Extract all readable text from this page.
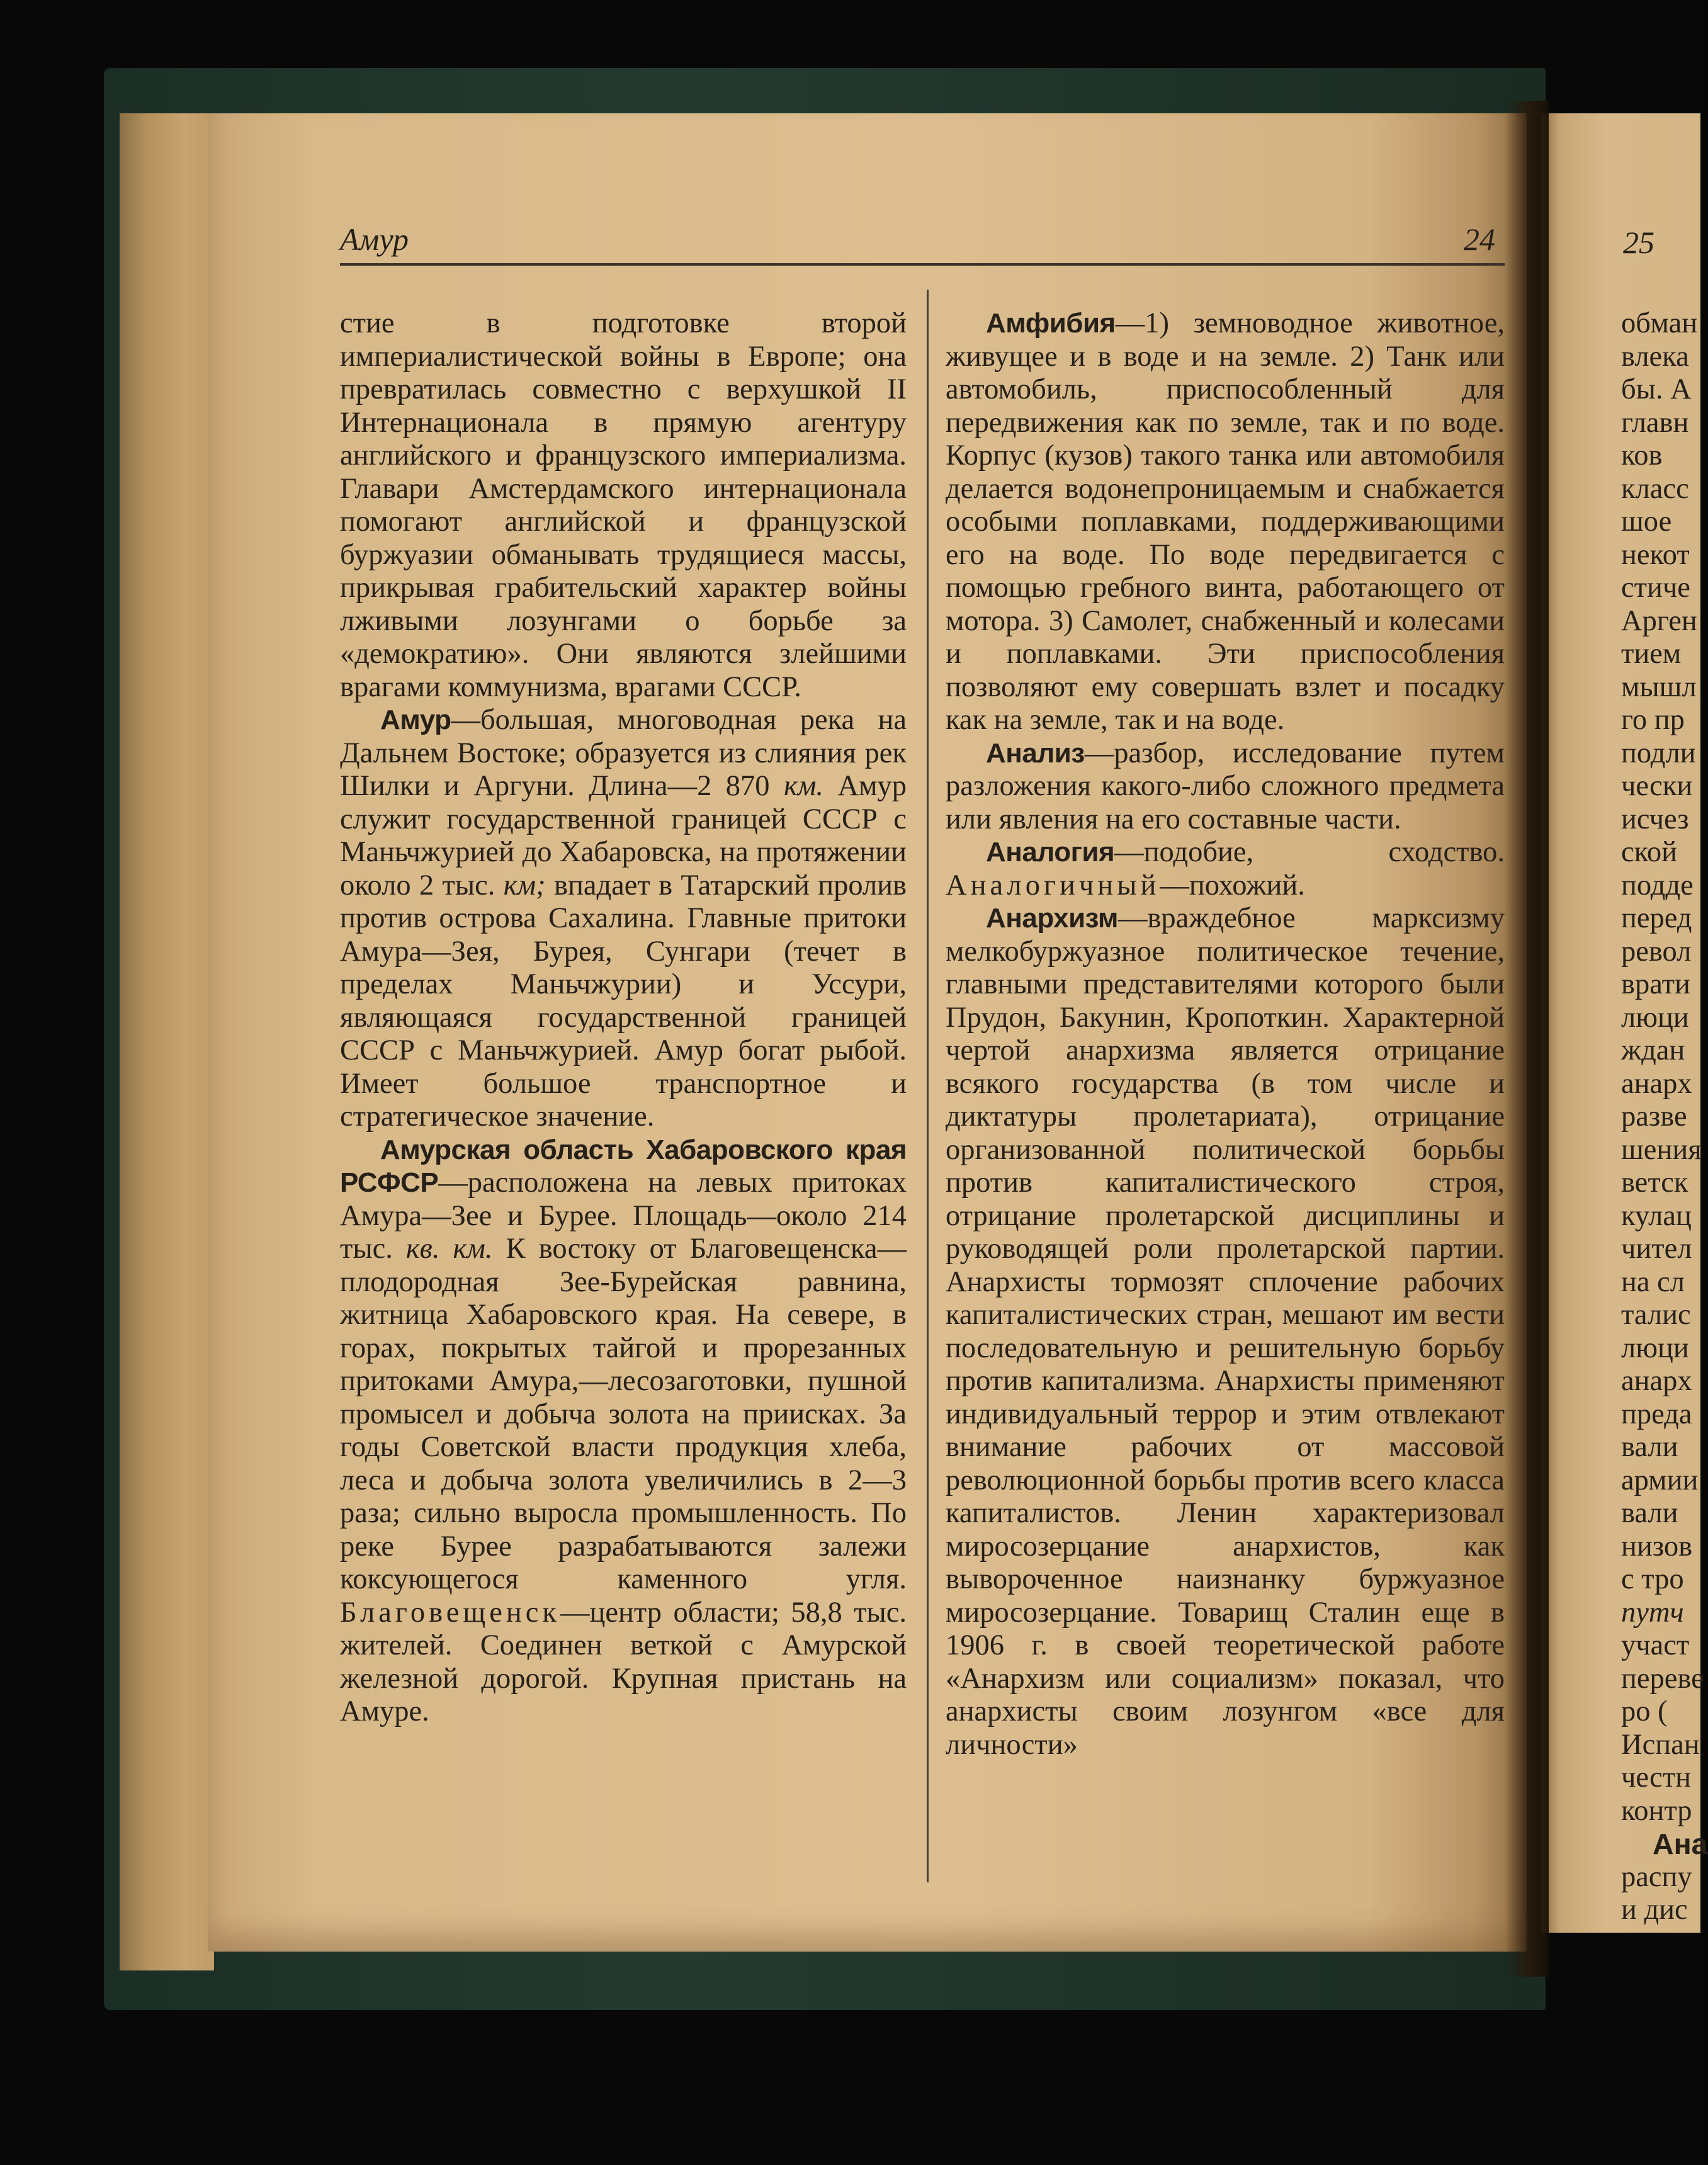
Амур	24	25

стие в подготовке второй империалистической войны в Европе; она превратилась совместно с верхушкой II Интернационала в прямую агентуру английского и французского империализма. Главари Амстердамского интернационала помогают английской и французской буржуазии обманывать трудящиеся массы, прикрывая грабительский характер войны лживыми лозунгами о борьбе за «демократию». Они являются злейшими врагами коммунизма, врагами СССР.

Амур—большая, многоводная река на Дальнем Востоке; образуется из слияния рек Шилки и Аргуни. Длина—2 870 км. Амур служит государственной границей СССР с Маньчжурией до Хабаровска, на протяжении около 2 тыс. км; впадает в Татарский пролив против острова Сахалина. Главные притоки Амура—Зея, Бурея, Сунгари (течет в пределах Маньчжурии) и Уссури, являющаяся государственной границей СССР с Маньчжурией. Амур богат рыбой. Имеет большое транспортное и стратегическое значение.

Амурская область Хабаровского края РСФСР—расположена на левых притоках Амура—Зее и Бурее. Площадь—около 214 тыс. кв. км. К востоку от Благовещенска—плодородная Зее-Бурейская равнина, житница Хабаровского края. На севере, в горах, покрытых тайгой и прорезанных притоками Амура,—лесозаготовки, пушной промысел и добыча золота на приисках. За годы Советской власти продукция хлеба, леса и добыча золота увеличились в 2—3 раза; сильно выросла промышленность. По реке Бурее разрабатываются залежи коксующегося каменного угля. Благовещенск—центр области; 58,8 тыс. жителей. Соединен веткой с Амурской железной дорогой. Крупная пристань на Амуре.

Амфибия—1) земноводное животное, живущее и в воде и на земле. 2) Танк или автомобиль, приспособленный для передвижения как по земле, так и по воде. Корпус (кузов) такого танка или автомобиля делается водонепроницаемым и снабжается особыми поплавками, поддерживающими его на воде. По воде передвигается с помощью гребного винта, работающего от мотора. 3) Самолет, снабженный и колесами и поплавками. Эти приспособления позволяют ему совершать взлет и посадку как на земле, так и на воде.

Анализ—разбор, исследование путем разложения какого-либо сложного предмета или явления на его составные части.

Аналогия—подобие, сходство. Аналогичный—похожий.

Анархизм—враждебное марксизму мелкобуржуазное политическое течение, главными представителями которого были Прудон, Бакунин, Кропоткин. Характерной чертой анархизма является отрицание всякого государства (в том числе и диктатуры пролетариата), отрицание организованной политической борьбы против капиталистического строя, отрицание пролетарской дисциплины и руководящей роли пролетарской партии. Анархисты тормозят сплочение рабочих капиталистических стран, мешают им вести последовательную и решительную борьбу против капитализма. Анархисты применяют индивидуальный террор и этим отвлекают внимание рабочих от массовой революционной борьбы против всего класса капиталистов. Ленин характеризовал миросозерцание анархистов, как вывороченное наизнанку буржуазное миросозерцание. Товарищ Сталин еще в 1906 г. в своей теоретической работе «Анархизм или социализм» показал, что анархисты своим лозунгом «все для личности»

обман
влека
бы. А
главн
ков
класс
шое
некот
стиче
Арген
тием
мышл
го пр
подли
чески
исчез
ской
подде
перед
револ
врати
люци
ждан
анарх
разве
шения
ветск
кулац
чител
на сл
талис
люци
анарх
преда
вали
армии
вали
низов
с тро
путч
участ
переве
ро (
Испан
честн
контр
Ана
распу
и дис
